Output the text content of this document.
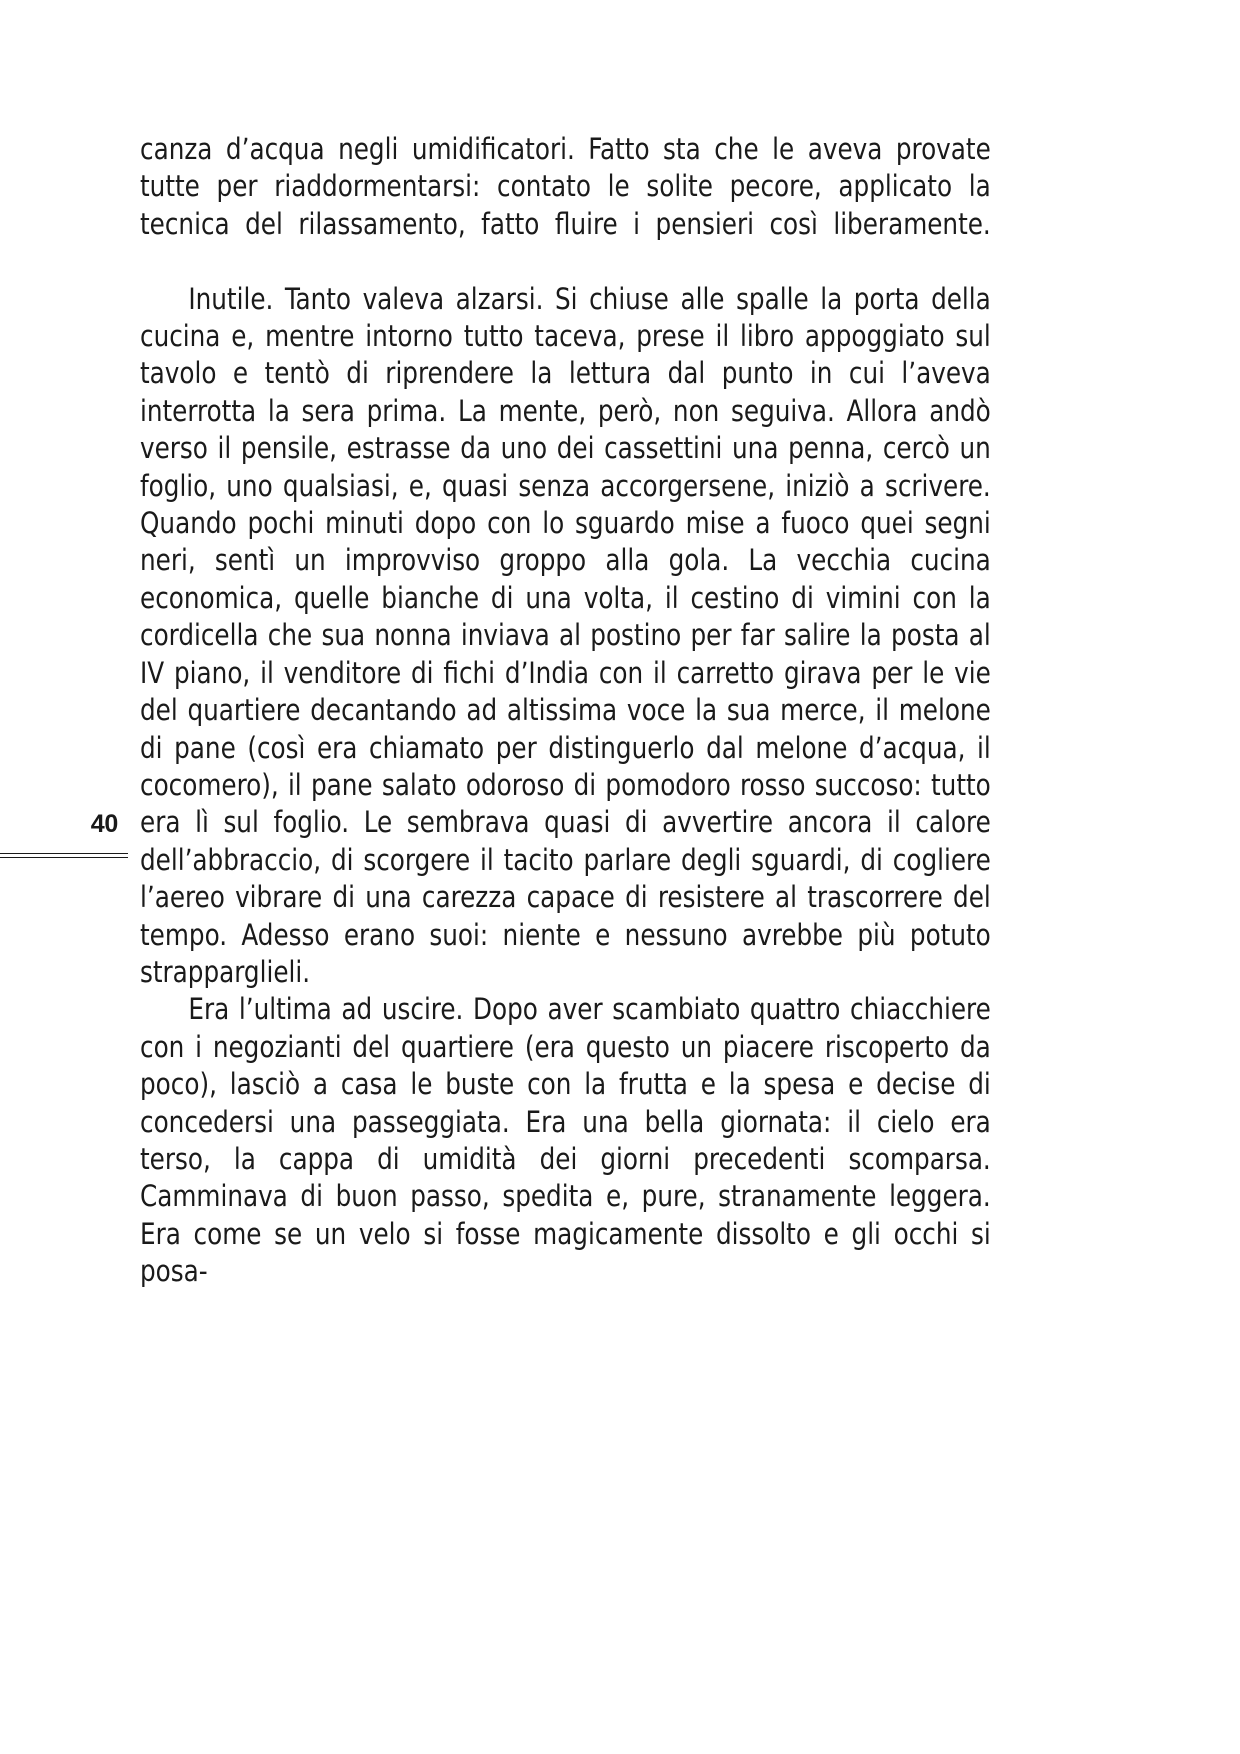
40

canza d’acqua negli umidificatori. Fatto sta che le aveva provate tutte per riaddormentarsi: contato le solite pecore, applicato la tecnica del rilassamento, fatto fluire i pensieri così liberamente.

Inutile. Tanto valeva alzarsi. Si chiuse alle spalle la porta della cucina e, mentre intorno tutto taceva, prese il libro appoggiato sul tavolo e tentò di riprendere la lettura dal punto in cui l’aveva interrotta la sera prima. La mente, però, non seguiva. Allora andò verso il pensile, estrasse da uno dei cassettini una penna, cercò un foglio, uno qualsiasi, e, quasi senza accorgersene, iniziò a scrivere. Quando pochi minuti dopo con lo sguardo mise a fuoco quei segni neri, sentì un improvviso groppo alla gola. La vecchia cucina economica, quelle bianche di una volta, il cestino di vimini con la cordicella che sua nonna inviava al postino per far salire la posta al IV piano, il venditore di fichi d’India con il carretto girava per le vie del quartiere decantando ad altissima voce la sua merce, il melone di pane (così era chiamato per distinguerlo dal melone d’acqua, il cocomero), il pane salato odoroso di pomodoro rosso succoso: tutto era lì sul foglio. Le sembrava quasi di avvertire ancora il calore dell’abbraccio, di scorgere il tacito parlare degli sguardi, di cogliere l’aereo vibrare di una carezza capace di resistere al trascorrere del tempo. Adesso erano suoi: niente e nessuno avrebbe più potuto strapparglieli.

Era l’ultima ad uscire. Dopo aver scambiato quattro chiacchiere con i negozianti del quartiere (era questo un piacere riscoperto da poco), lasciò a casa le buste con la frutta e la spesa e decise di concedersi una passeggiata. Era una bella giornata: il cielo era terso, la cappa di umidità dei giorni precedenti scomparsa. Camminava di buon passo, spedita e, pure, stranamente leggera. Era come se un velo si fosse magicamente dissolto e gli occhi si posa-
